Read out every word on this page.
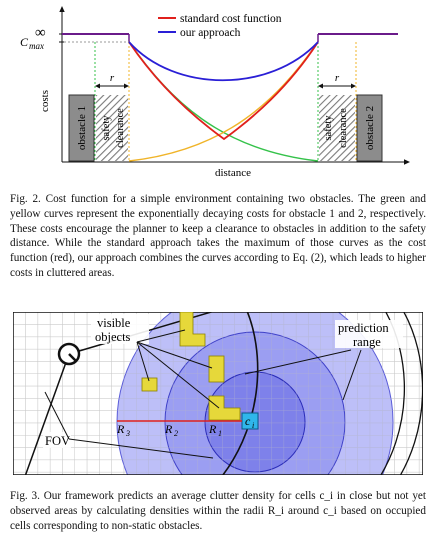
∞
C max
costs
distance
standard cost function
our approach
obstacle 1 safety clearance	safety clearance obstacle 2
r	r
Fig. 2. Cost function for a simple environment containing two obstacles. The green and yellow curves represent the exponentially decaying costs for obstacle 1 and 2, respectively. These costs encourage the planner to keep a clearance to obstacles in addition to the safety distance. While the standard approach takes the maximum of those curves as the cost function (red), our approach combines the curves according to Eq. (2), which leads to higher costs in cluttered areas.
c i
R 3	R 2	R 1
visible
objects
prediction
range
FOV
Fig. 3. Our framework predicts an average clutter density for cells c_i in close but not yet observed areas by calculating densities within the radii R_i around c_i based on occupied cells corresponding to non-static obstacles.
